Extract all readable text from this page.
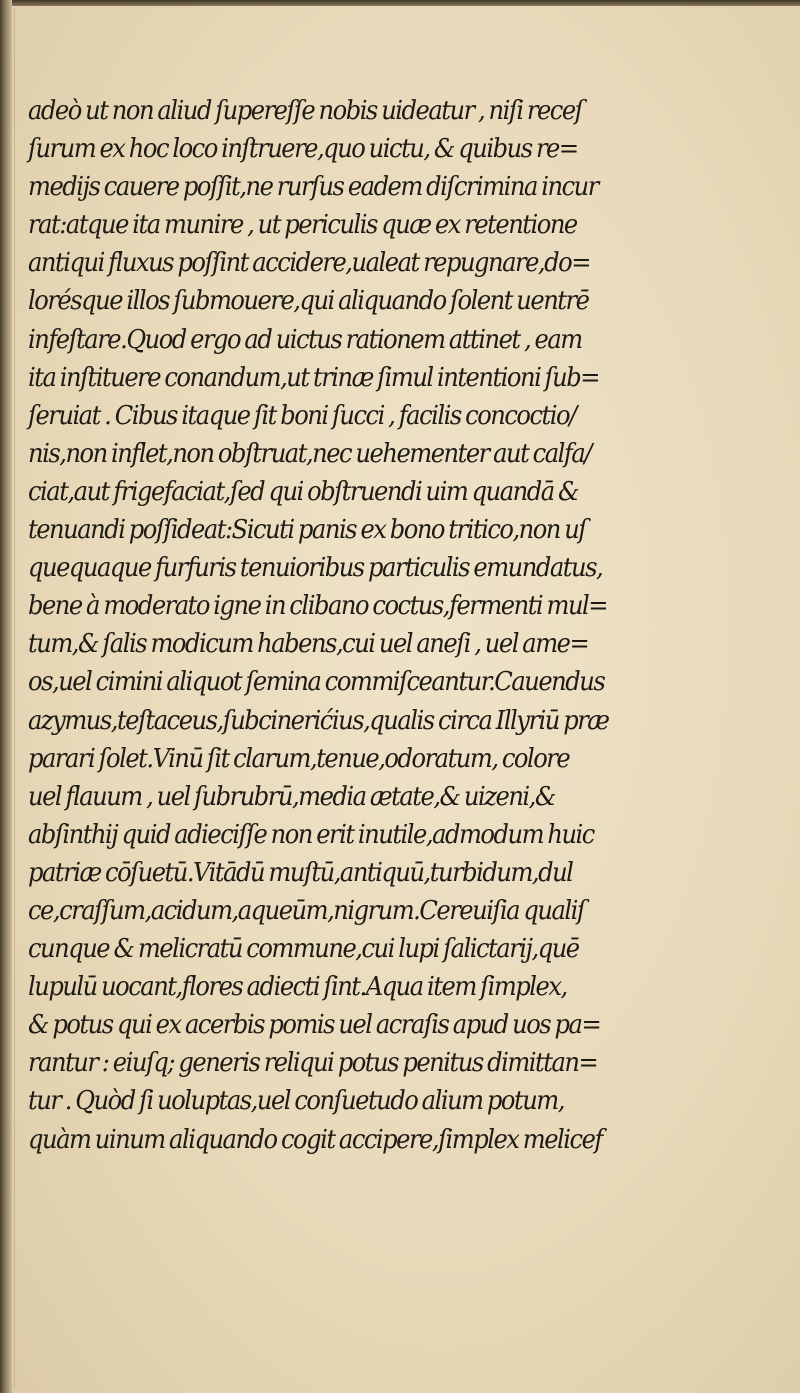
adeò ut non aliud ſupereſſe nobis uideatur , niſi receſ
ſurum ex hoc loco inſtruere,quo uictu, & quibus re=
medijs cauere poſſit,ne rurſus eadem diſcrimina incur
rat:atque ita munire , ut periculis quæ ex retentione
antiqui fluxus poſſint accidere,ualeat repugnare,do=
lorésque illos ſubmouere,qui aliquando ſolent uentrē
infeſtare.Quod ergo ad uictus rationem attinet , eam
ita inſtituere conandum,ut trinæ ſimul intentioni ſub=
ſeruiat . Cibus itaque ſit boni ſucci , facilis concoctio/
nis,non inflet,non obſtruat,nec uehementer aut calfa/
ciat,aut frigefaciat,ſed qui obſtruendi uim quandā &
tenuandi poſſideat:Sicuti panis ex bono tritico,non uſ
quequaque furfuris tenuioribus particulis emundatus,
bene à moderato igne in clibano coctus,fermenti mul=
tum,& ſalis modicum habens,cui uel aneſi , uel ame=
os,uel cimini aliquot ſemina commiſceantur.Cauendus
azymus,teſtaceus,ſubcinerićius,qualis circa Illyriū præ
parari ſolet.Vinū ſit clarum,tenue,odoratum, colore
uel flauum , uel ſubrubrū,media ætate,& uizeni,&
abſinthij quid adieciſſe non erit inutile,admodum huic
patriæ cōſuetū.Vitādū muſtū,antiquū,turbidum,dul
ce,craſſum,acidum,aqueūm,nigrum.Cereuiſia qualiſ
cunque & melicratū commune,cui lupi ſalictarij,quē
lupulū uocant,flores adiecti ſint.Aqua item ſimplex,
& potus qui ex acerbis pomis uel acraſis apud uos pa=
rantur : eiuſq; generis reliqui potus penitus dimittan=
tur . Quòd ſi uoluptas,uel conſuetudo alium potum,
quàm uinum aliquando cogit accipere,ſimplex melicef
